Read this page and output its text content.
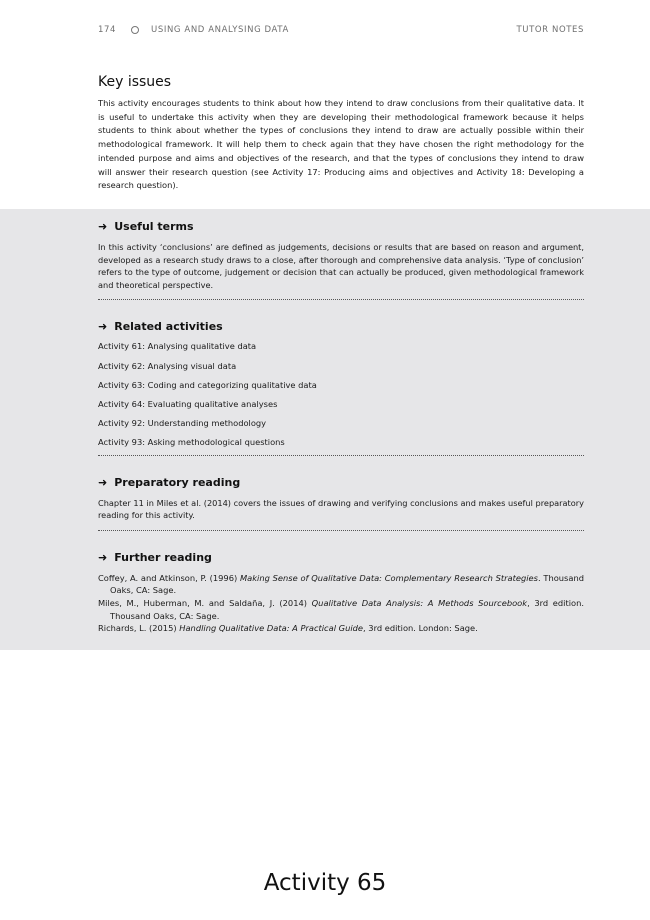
174	USING AND ANALYSING DATA	TUTOR NOTES
Key issues

This activity encourages students to think about how they intend to draw conclusions from their qualitative data. It is useful to undertake this activity when they are developing their methodological framework because it helps students to think about whether the types of conclusions they intend to draw are actually possible within their methodological framework. It will help them to check again that they have chosen the right methodology for the intended purpose and aims and objectives of the research, and that the types of conclusions they intend to draw will answer their research question (see Activity 17: Producing aims and objectives and Activity 18: Developing a research question).

➜ Useful terms

In this activity ‘conclusions’ are defined as judgements, decisions or results that are based on reason and argument, developed as a research study draws to a close, after thorough and comprehensive data analysis. ‘Type of conclusion’ refers to the type of outcome, judgement or decision that can actually be produced, given methodological framework and theoretical perspective.

➜ Related activities
Activity 61: Analysing qualitative data
Activity 62: Analysing visual data
Activity 63: Coding and categorizing qualitative data
Activity 64: Evaluating qualitative analyses
Activity 92: Understanding methodology
Activity 93: Asking methodological questions
➜ Preparatory reading

Chapter 11 in Miles et al. (2014) covers the issues of drawing and verifying conclusions and makes useful preparatory reading for this activity.

➜ Further reading
Coffey, A. and Atkinson, P. (1996) Making Sense of Qualitative Data: Complementary Research Strategies. Thousand Oaks, CA: Sage.
Miles, M., Huberman, M. and Saldaña, J. (2014) Qualitative Data Analysis: A Methods Sourcebook, 3rd edition. Thousand Oaks, CA: Sage.
Richards, L. (2015) Handling Qualitative Data: A Practical Guide, 3rd edition. London: Sage.
Activity 65
